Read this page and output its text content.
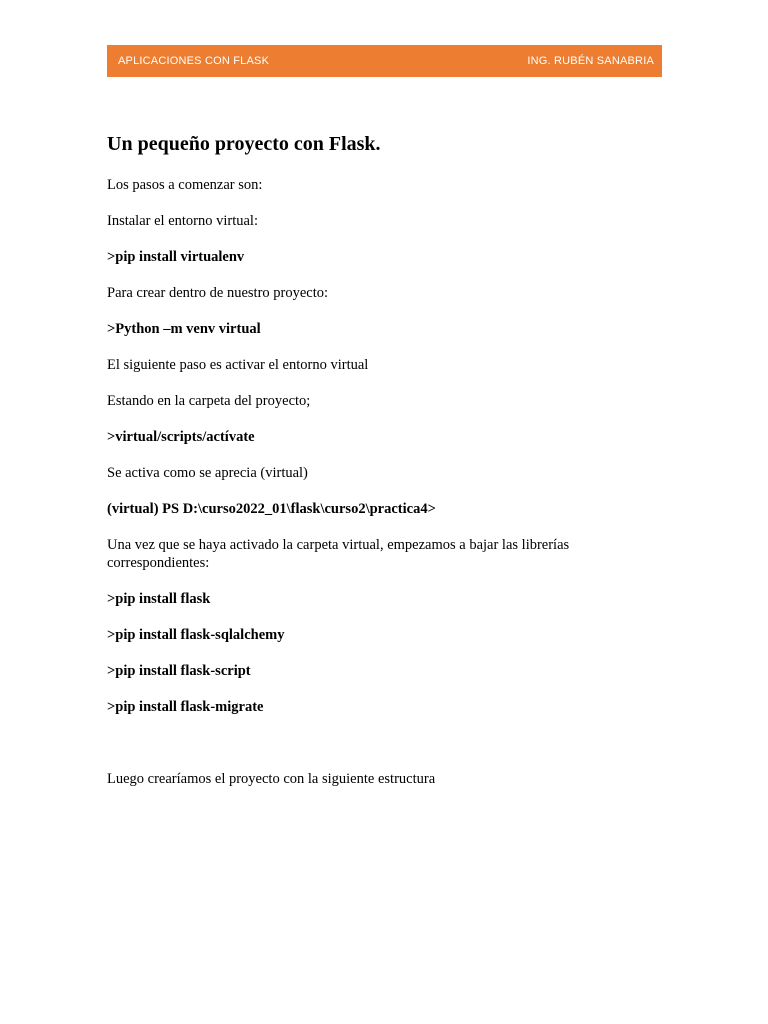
APLICACIONES CON FLASK	ING. RUBÉN SANABRIA
Un pequeño proyecto con Flask.

Los pasos a comenzar son:

Instalar el entorno virtual:

>pip install virtualenv

Para crear dentro de nuestro proyecto:

>Python –m venv virtual

El siguiente paso es activar el entorno virtual

Estando en la carpeta del proyecto;

>virtual/scripts/actívate

Se activa como se aprecia (virtual)

(virtual) PS D:\curso2022_01\flask\curso2\practica4>

Una vez que se haya activado la carpeta virtual, empezamos a bajar las librerías correspondientes:

>pip install flask

>pip install flask-sqlalchemy

>pip install flask-script

>pip install flask-migrate

Luego crearíamos el proyecto con la siguiente estructura
